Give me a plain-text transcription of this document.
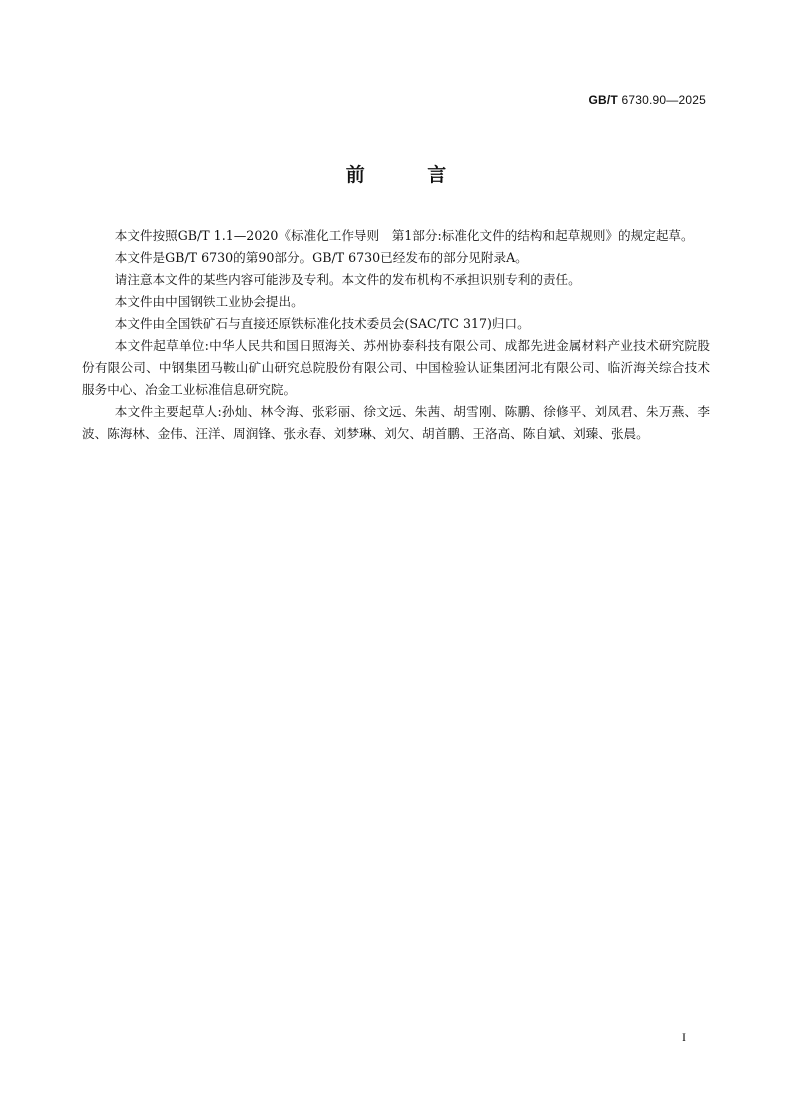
GB/T 6730.90—2025
前 言

本文件按照GB/T 1.1—2020《标准化工作导则　第1部分:标准化文件的结构和起草规则》的规定起草。

本文件是GB/T 6730的第90部分。GB/T 6730已经发布的部分见附录A。

请注意本文件的某些内容可能涉及专利。本文件的发布机构不承担识别专利的责任。

本文件由中国钢铁工业协会提出。

本文件由全国铁矿石与直接还原铁标准化技术委员会(SAC/TC 317)归口。

本文件起草单位:中华人民共和国日照海关、苏州协泰科技有限公司、成都先进金属材料产业技术研究院股份有限公司、中钢集团马鞍山矿山研究总院股份有限公司、中国检验认证集团河北有限公司、临沂海关综合技术服务中心、冶金工业标准信息研究院。

本文件主要起草人:孙灿、林令海、张彩丽、徐文远、朱茜、胡雪刚、陈鹏、徐修平、刘凤君、朱万燕、李波、陈海林、金伟、汪洋、周润锋、张永春、刘梦琳、刘欠、胡首鹏、王洛高、陈自斌、刘臻、张晨。

I
